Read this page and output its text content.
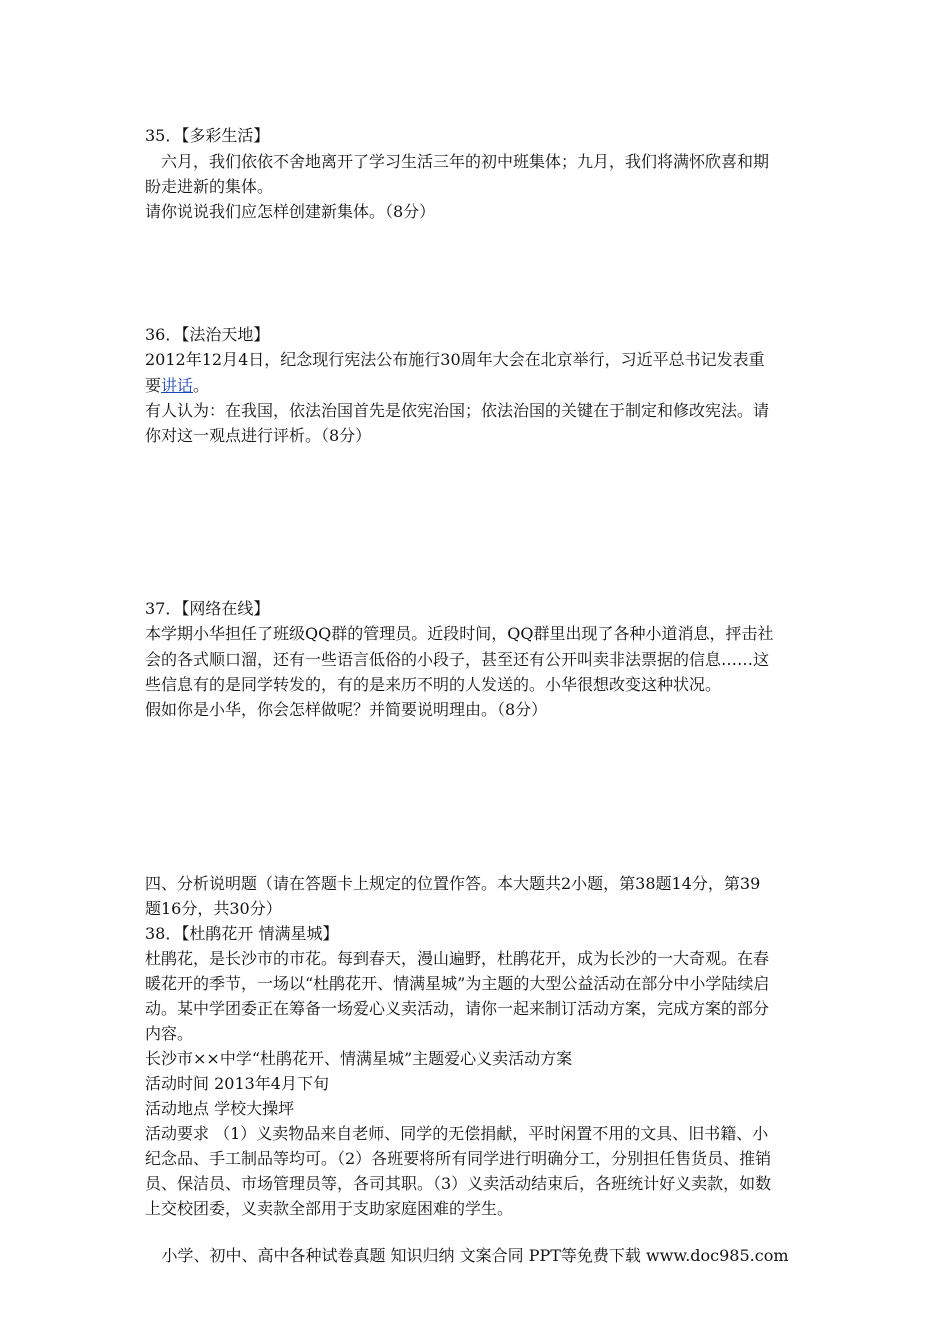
35．【多彩生活】
六月，我们依依不舍地离开了学习生活三年的初中班集体；九月，我们将满怀欣喜和期
盼走进新的集体。
请你说说我们应怎样创建新集体。（8分）
36．【法治天地】
2012年12月4日，纪念现行宪法公布施行30周年大会在北京举行，习近平总书记发表重
要讲话。
有人认为：在我国，依法治国首先是依宪治国；依法治国的关键在于制定和修改宪法。请
你对这一观点进行评析。（8分）
37．【网络在线】
本学期小华担任了班级QQ群的管理员。近段时间，QQ群里出现了各种小道消息，抨击社
会的各式顺口溜，还有一些语言低俗的小段子，甚至还有公开叫卖非法票据的信息……这
些信息有的是同学转发的，有的是来历不明的人发送的。小华很想改变这种状况。
假如你是小华，你会怎样做呢？并简要说明理由。（8分）
四、分析说明题（请在答题卡上规定的位置作答。本大题共2小题，第38题14分，第39
题16分，共30分）
38．【杜鹃花开 情满星城】
杜鹃花，是长沙市的市花。每到春天，漫山遍野，杜鹃花开，成为长沙的一大奇观。在春
暖花开的季节，一场以“杜鹃花开、情满星城”为主题的大型公益活动在部分中小学陆续启
动。某中学团委正在筹备一场爱心义卖活动，请你一起来制订活动方案，完成方案的部分
内容。
长沙市××中学“杜鹃花开、情满星城”主题爱心义卖活动方案
活动时间 2013年4月下旬
活动地点 学校大操坪
活动要求 （1）义卖物品来自老师、同学的无偿捐献，平时闲置不用的文具、旧书籍、小
纪念品、手工制品等均可。（2）各班要将所有同学进行明确分工，分别担任售货员、推销
员、保洁员、市场管理员等，各司其职。（3）义卖活动结束后，各班统计好义卖款，如数
上交校团委，义卖款全部用于支助家庭困难的学生。
小学、初中、高中各种试卷真题 知识归纳 文案合同 PPT等免费下载 www.doc985.com
